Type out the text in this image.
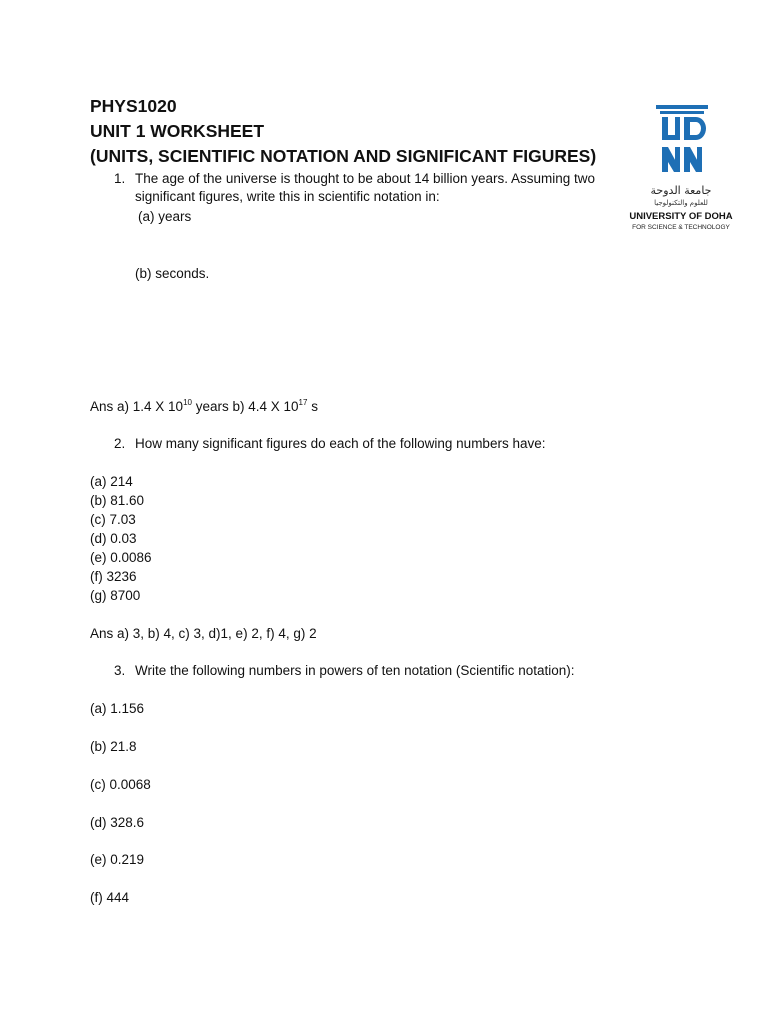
PHYS1020
UNIT 1 WORKSHEET
(UNITS, SCIENTIFIC NOTATION AND SIGNIFICANT FIGURES)
جامعة الدوحة
للعلوم والتكنولوجيا
UNIVERSITY OF DOHA
FOR SCIENCE & TECHNOLOGY
1. The age of the universe is thought to be about 14 billion years. Assuming two
significant figures, write this in scientific notation in:
(a) years
(b) seconds.
Ans a) 1.4 X $10^{10}$ years b) 4.4 X $10^{17}$ s
2. How many significant figures do each of the following numbers have:
(a) 214
(b) 81.60
(c) 7.03
(d) 0.03
(e) 0.0086
(f) 3236
(g) 8700
Ans a) 3, b) 4, c) 3, d)1, e) 2, f) 4, g) 2
3. Write the following numbers in powers of ten notation (Scientific notation):
(a) 1.156
(b) 21.8
(c) 0.0068
(d) 328.6
(e) 0.219
(f) 444
